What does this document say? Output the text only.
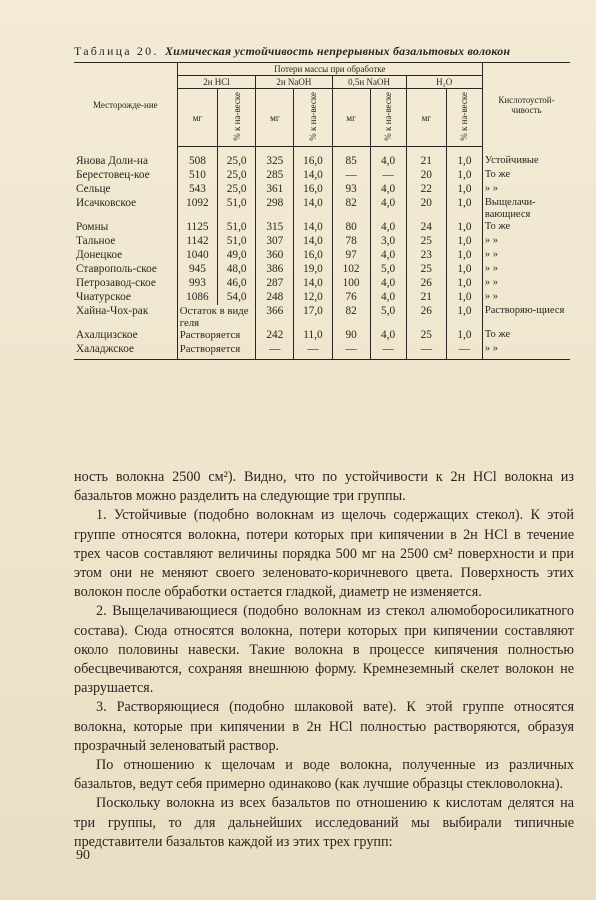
Таблица 20. Химическая устойчивость непрерывных базальтовых волокон
Месторожде-ние	Потери массы при обработке								Кислотоустой-чивость
	2н HCl		2н NaOH		0,5н NaOH		H₂O		
	мг	% к на-веске	мг	% к на-веске	мг	% к на-веске	мг	% к на-веске	
Янова Доли-на	508	25,0	325	16,0	85	4,0	21	1,0	Устойчивые
Берестовец-кое	510	25,0	285	14,0	—	—	20	1,0	То же
Сельце	543	25,0	361	16,0	93	4,0	22	1,0	» »
Исачковское	1092	51,0	298	14,0	82	4,0	20	1,0	Выщелачи-вающиеся
Ромны	1125	51,0	315	14,0	80	4,0	24	1,0	То же
Тальное	1142	51,0	307	14,0	78	3,0	25	1,0	» »
Донецкое	1040	49,0	360	16,0	97	4,0	23	1,0	» »
Ставрополь-ское	945	48,0	386	19,0	102	5,0	25	1,0	» »
Петрозавод-ское	993	46,0	287	14,0	100	4,0	26	1,0	» »
Чиатурское	1086	54,0	248	12,0	76	4,0	21	1,0	» »
Хайна-Чох-рак	Остаток в виде геля		366	17,0	82	5,0	26	1,0	Растворяю-щиеся
Ахалцизское	Растворяется		242	11,0	90	4,0	25	1,0	То же
Халаджское	Растворяется		—	—	—	—	—	—	» »

ность волокна 2500 см²). Видно, что по устойчивости к 2н HCl волокна из базальтов можно разделить на следующие три группы.

1. Устойчивые (подобно волокнам из щелочь содержащих стекол). К этой группе относятся волокна, потери которых при кипячении в 2н HCl в течение трех часов составляют величины порядка 500 мг на 2500 см² поверхности и при этом они не меняют своего зеленовато-коричневого цвета. Поверхность этих волокон после обработки остается гладкой, диаметр не изменяется.

2. Выщелачивающиеся (подобно волокнам из стекол алюмоборосиликатного состава). Сюда относятся волокна, потери которых при кипячении составляют около половины навески. Такие волокна в процессе кипячения полностью обесцвечиваются, сохраняя внешнюю форму. Кремнеземный скелет волокон не разрушается.

3. Растворяющиеся (подобно шлаковой вате). К этой группе относятся волокна, которые при кипячении в 2н HCl полностью растворяются, образуя прозрачный зеленоватый раствор.

По отношению к щелочам и воде волокна, полученные из различных базальтов, ведут себя примерно одинаково (как лучшие образцы стекловолокна).

Поскольку волокна из всех базальтов по отношению к кислотам делятся на три группы, то для дальнейших исследований мы выбирали типичные представители базальтов каждой из этих трех групп:

90
